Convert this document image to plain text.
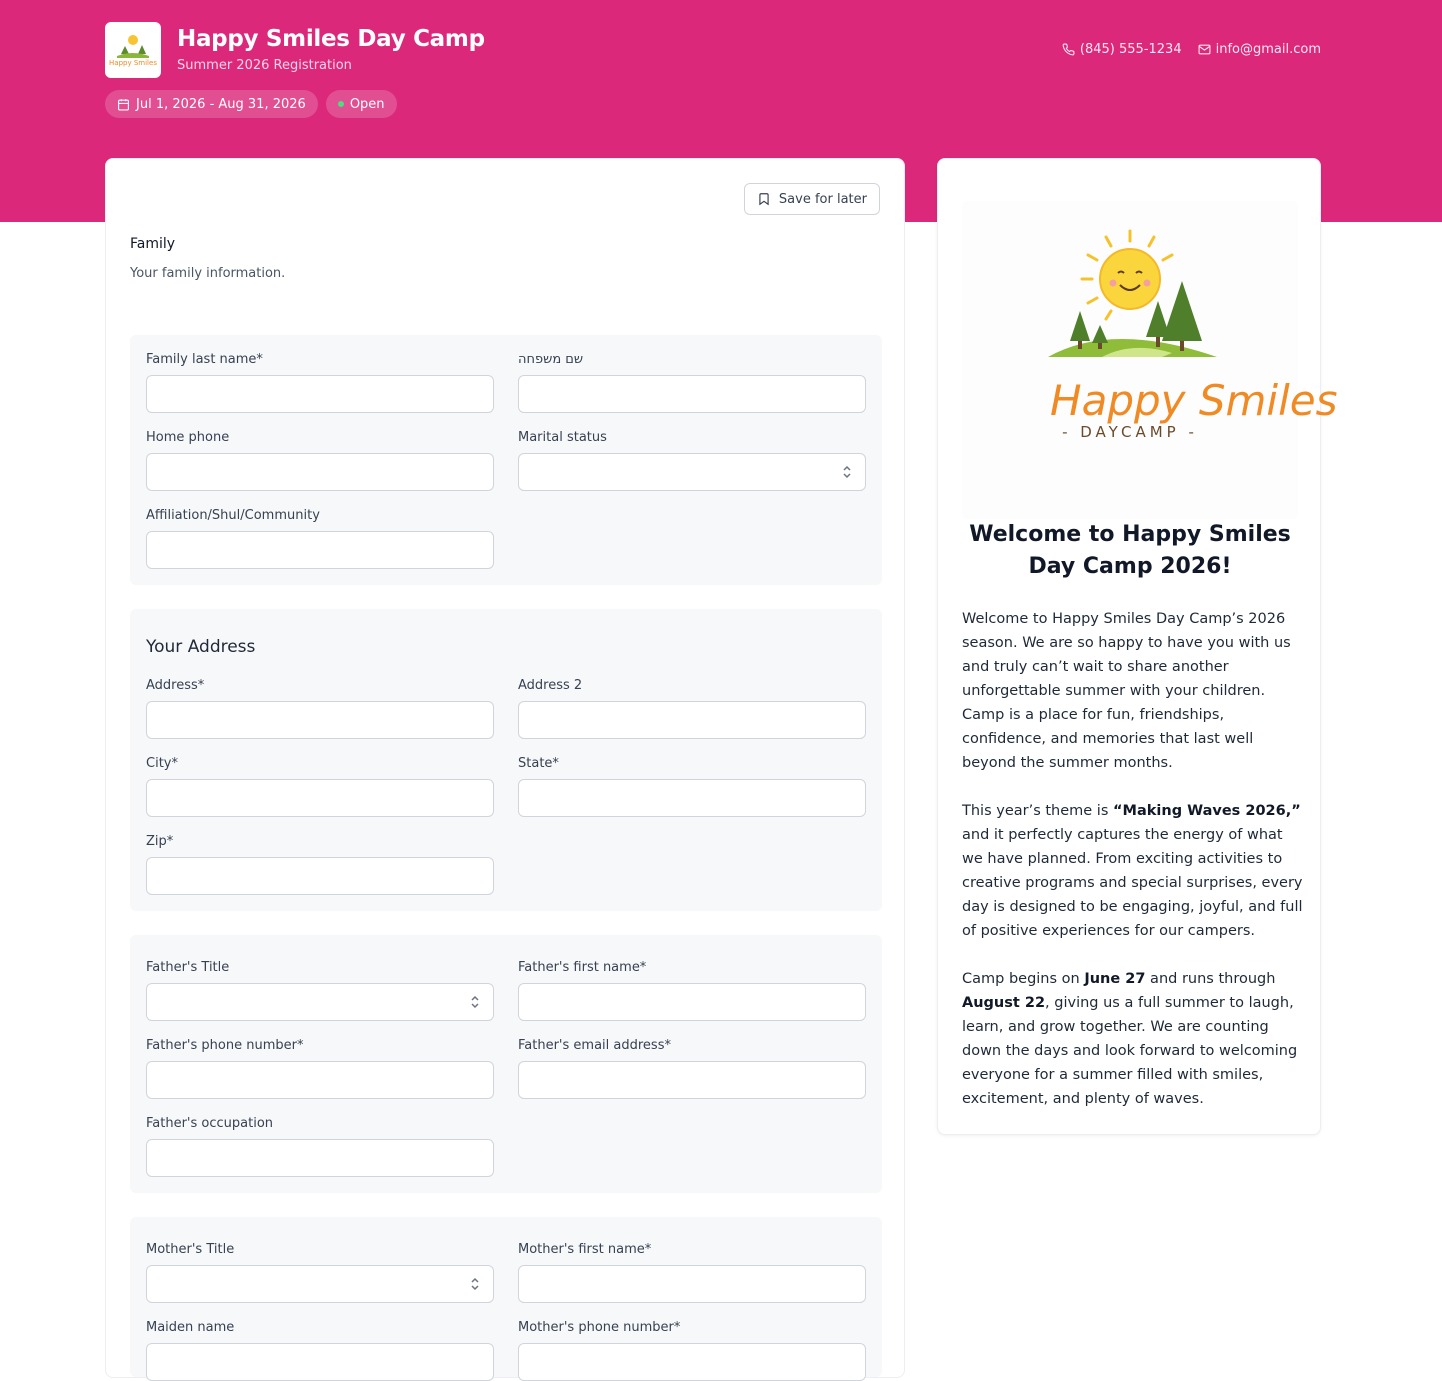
Happy Smiles
Happy Smiles Day Camp
Summer 2026 Registration
(845) 555-1234	info@gmail.com
Jul 1, 2026 - Aug 31, 2026	Open
Save for later
Family
Your family information.
Family last name*	שם משפחה
Home phone	Marital status
Affiliation/Shul/Community
Your Address
Address*	Address 2
City*	State*
Zip*
Father's Title	Father's first name*
Father's phone number*	Father's email address*
Father's occupation
Mother's Title	Mother's first name*
Maiden name	Mother's phone number*
Happy Smiles
- DAYCAMP -
Welcome to Happy Smiles Day Camp 2026!

Welcome to Happy Smiles Day Camp’s 2026 season. We are so happy to have you with us and truly can’t wait to share another unforgettable summer with your children. Camp is a place for fun, friendships, confidence, and memories that last well beyond the summer months.

This year’s theme is “Making Waves 2026,” and it perfectly captures the energy of what we have planned. From exciting activities to creative programs and special surprises, every day is designed to be engaging, joyful, and full of positive experiences for our campers.

Camp begins on June 27 and runs through August 22, giving us a full summer to laugh, learn, and grow together. We are counting down the days and look forward to welcoming everyone for a summer filled with smiles, excitement, and plenty of waves.
